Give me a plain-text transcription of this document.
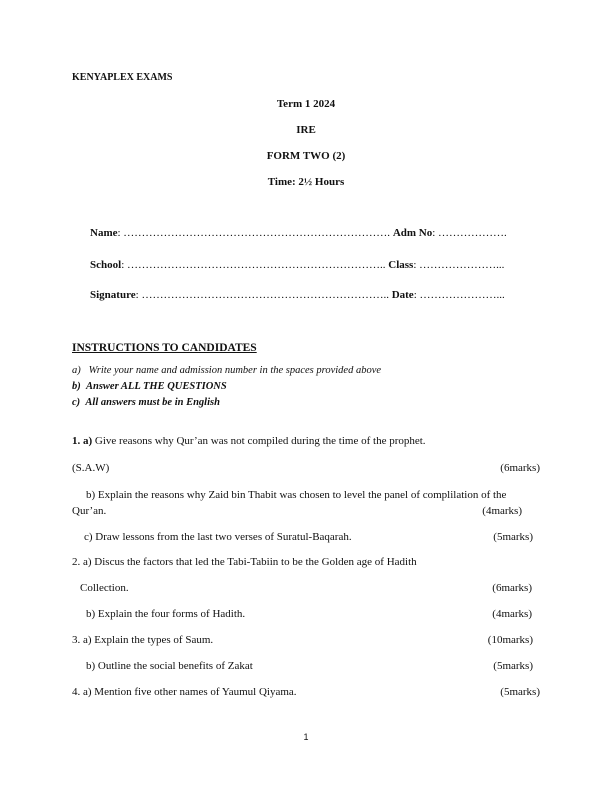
KENYAPLEX EXAMS
Term 1 2024
IRE
FORM TWO (2)
Time: 2½ Hours
Name: ………………………………………………………………. Adm No: ……………….
School: …………………………………………………………….. Class: …………………...
Signature: ………………………………………………………….. Date: …………………...
INSTRUCTIONS TO CANDIDATES
a) Write your name and admission number in the spaces provided above
b) Answer ALL THE QUESTIONS
c) All answers must be in English
1. a) Give reasons why Qur’an was not compiled during the time of the prophet.
(S.A.W)	(6marks)
b) Explain the reasons why Zaid bin Thabit was chosen to level the panel of complilation of the
Qur’an.	(4marks)
c) Draw lessons from the last two verses of Suratul-Baqarah.	(5marks)
2. a) Discus the factors that led the Tabi-Tabiin to be the Golden age of Hadith
Collection.	(6marks)
b) Explain the four forms of Hadith.	(4marks)
3. a) Explain the types of Saum.	(10marks)
b) Outline the social benefits of Zakat	(5marks)
4. a) Mention five other names of Yaumul Qiyama.	(5marks)
1
